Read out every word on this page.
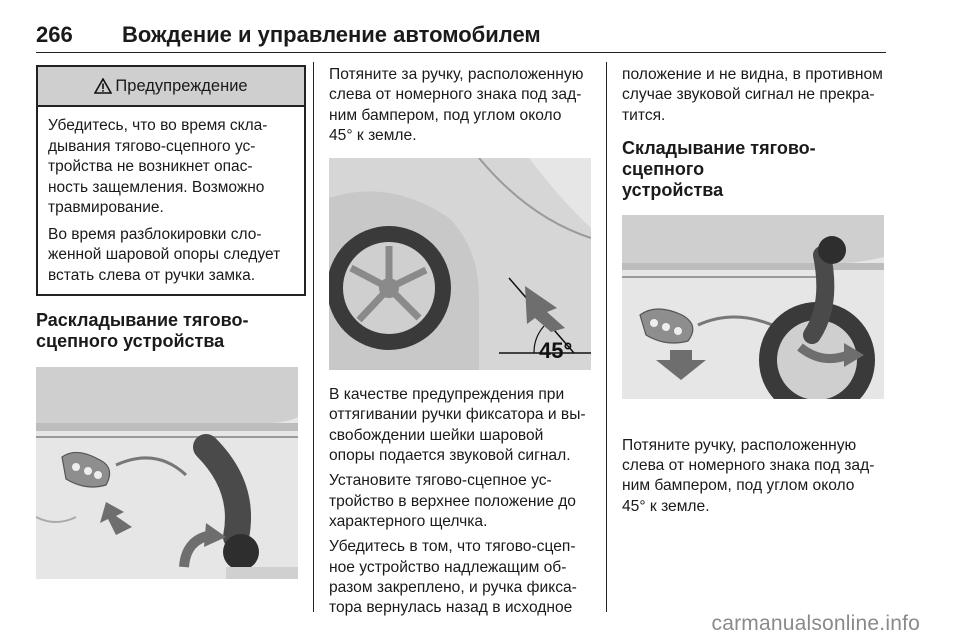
266 Вождение и управление автомобилем
Предупреждение

Убедитесь, что во время скла-
дывания тягово-сцепного ус-
тройства не возникнет опас-
ность защемления. Возможно
травмирование.

Во время разблокировки сло-
женной шаровой опоры следует
встать слева от ручки замка.

Раскладывание тягово-
сцепного устройства

Потяните за ручку, расположенную
слева от номерного знака под зад-
ним бампером, под углом около
45° к земле.

45°

В качестве предупреждения при
оттягивании ручки фиксатора и вы-
свобождении шейки шаровой
опоры подается звуковой сигнал.

Установите тягово-сцепное ус-
тройство в верхнее положение до
характерного щелчка.

Убедитесь в том, что тягово-сцеп-
ное устройство надлежащим об-
разом закреплено, и ручка фикса-
тора вернулась назад в исходное

положение и не видна, в противном
случае звуковой сигнал не прекра-
тится.

Складывание тягово-сцепного
устройства

Потяните ручку, расположенную
слева от номерного знака под зад-
ним бампером, под углом около
45° к земле.

carmanualsonline.info
